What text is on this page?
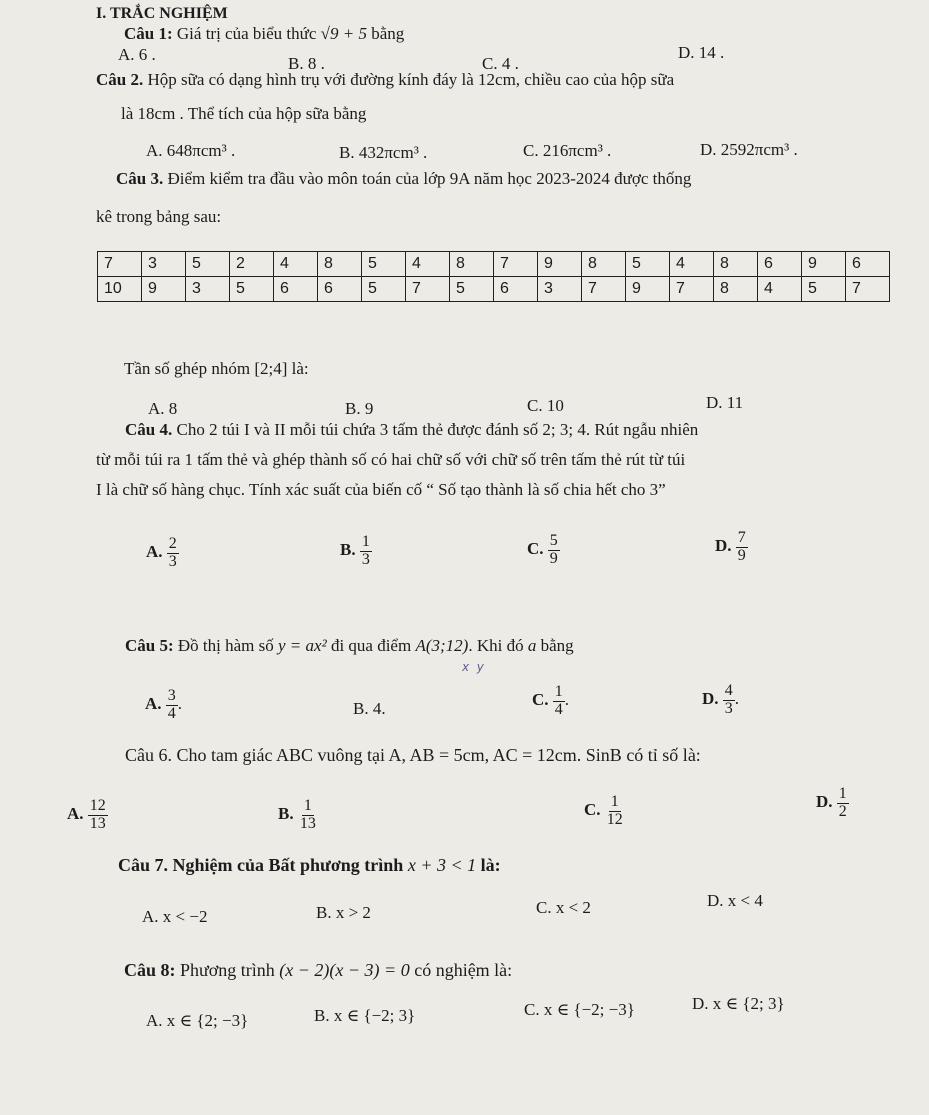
I. TRẮC NGHIỆM
Câu 1: Giá trị của biểu thức √9 + 5 bằng
A. 6 .	B. 8 .	C. 4 .
D. 14 .
Câu 2. Hộp sữa có dạng hình trụ với đường kính đáy là 12cm, chiều cao của hộp sữa
là 18cm . Thể tích của hộp sữa bằng
A. 648πcm³ .	B. 432πcm³ .	C. 216πcm³ .	D. 2592πcm³ .
Câu 3. Điểm kiểm tra đầu vào môn toán của lớp 9A năm học 2023-2024 được thống
kê trong bảng sau:
7	3	5	2	4	8	5	4	8	7	9	8	5	4	8	6	9	6
10	9	3	5	6	6	5	7	5	6	3	7	9	7	8	4	5	7
Tần số ghép nhóm [2;4] là:
A. 8	B. 9	C. 10	D. 11
Câu 4. Cho 2 túi I và II mỗi túi chứa 3 tấm thẻ được đánh số 2; 3; 4. Rút ngẫu nhiên
từ mỗi túi ra 1 tấm thẻ và ghép thành số có hai chữ số với chữ số trên tấm thẻ rút từ túi
I là chữ số hàng chục. Tính xác suất của biến cố “ Số tạo thành là số chia hết cho 3”
A. $\frac{2}{3}$	B. $\frac{1}{3}$	C. $\frac{5}{9}$	D. $\frac{7}{9}$
Câu 5: Đồ thị hàm số y = ax² đi qua điểm A(3;12). Khi đó a bằng
x  y
A. $\frac{3}{4}$ .	B. 4.	C. $\frac{1}{4}$ .	D. $\frac{4}{3}$ .
Câu 6. Cho tam giác ABC vuông tại A, AB = 5cm, AC = 12cm. SinB có tỉ số là:
A. $\frac{12}{13}$	B. $\frac{1}{13}$	C. $\frac{1}{12}$	D. $\frac{1}{2}$
Câu 7. Nghiệm của Bất phương trình x + 3 < 1 là:
A. x < −2	B. x > 2	C. x < 2	D. x < 4
Câu 8: Phương trình (x − 2)(x − 3) = 0 có nghiệm là:
A. x ∈ {2; −3}	B. x ∈ {−2; 3}	C. x ∈ {−2; −3}	D. x ∈ {2; 3}
